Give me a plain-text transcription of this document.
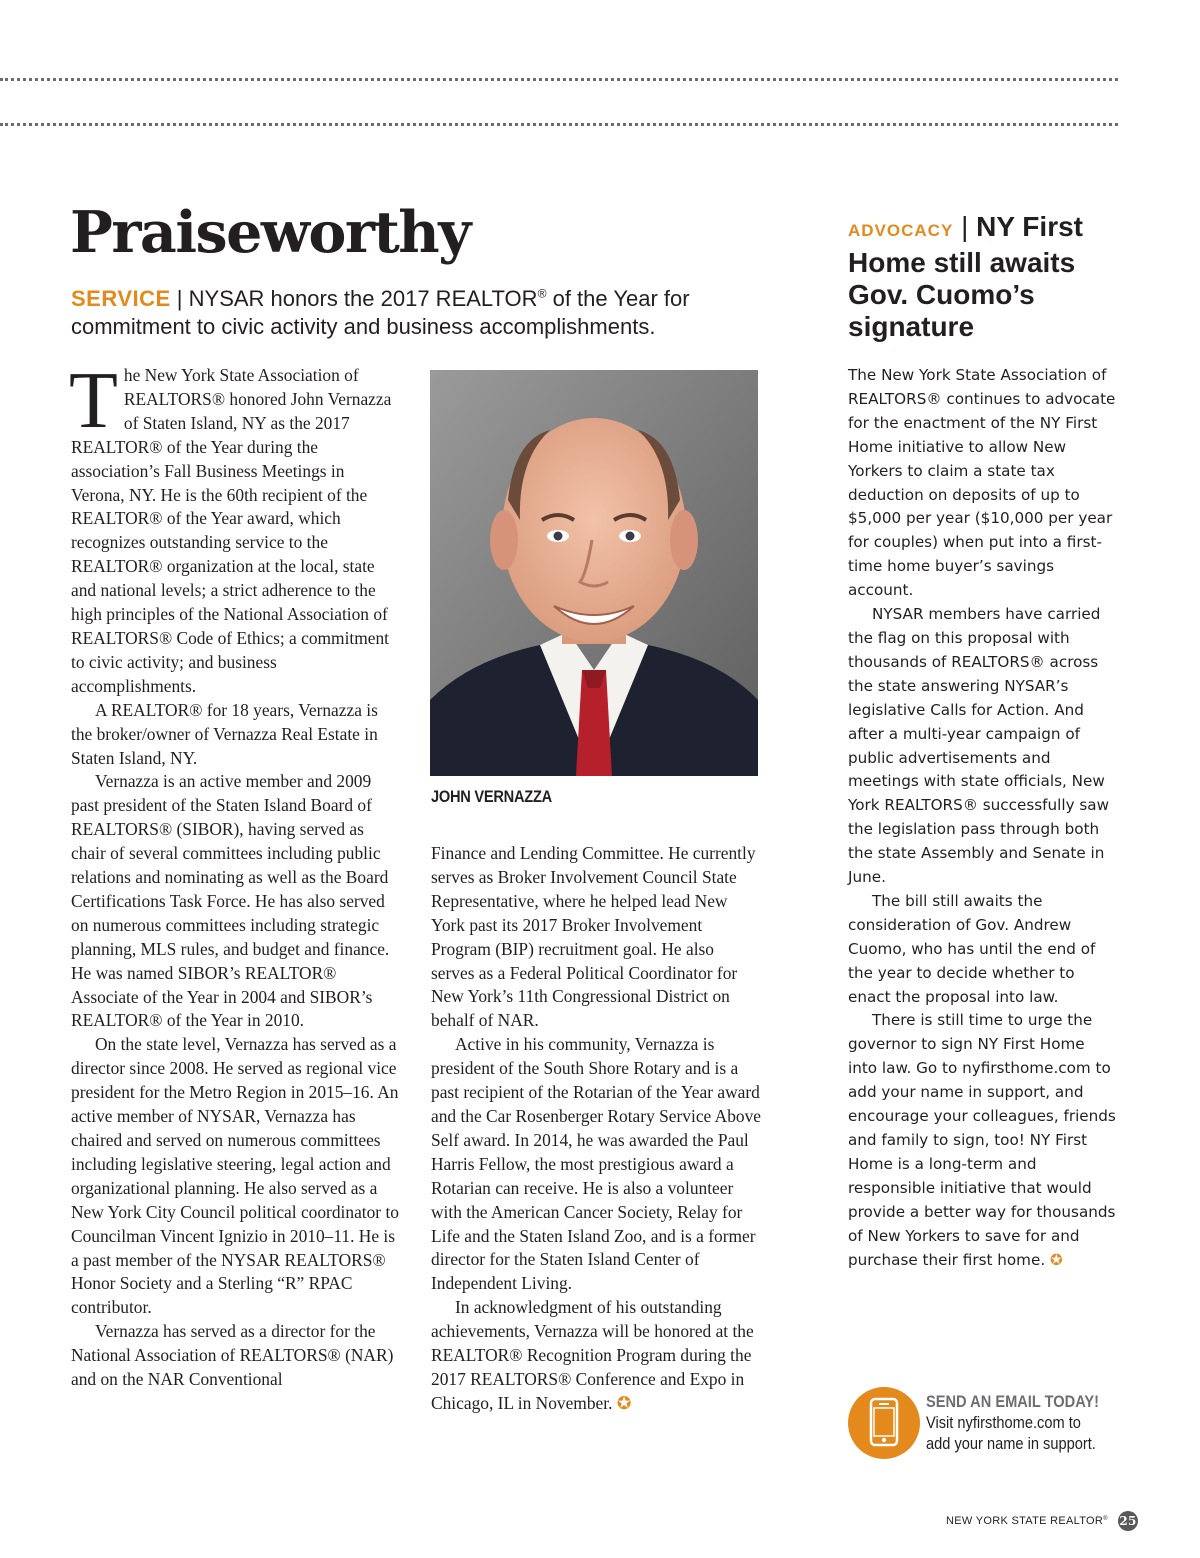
Praiseworthy
SERVICE | NYSAR honors the 2017 REALTOR® of the Year for commitment to civic activity and business accomplishments.

The New York State Association of REALTORS® honored John Vernazza of Staten Island, NY as the 2017 REALTOR® of the Year during the association’s Fall Business Meetings in Verona, NY. He is the 60th recipient of the REALTOR® of the Year award, which recognizes outstanding service to the REALTOR® organization at the local, state and national levels; a strict adherence to the high principles of the National Association of REALTORS® Code of Ethics; a commitment to civic activity; and business accomplishments.

A REALTOR® for 18 years, Vernazza is the broker/owner of Vernazza Real Estate in Staten Island, NY.

Vernazza is an active member and 2009 past president of the Staten Island Board of REALTORS® (SIBOR), having served as chair of several committees including public relations and nominating as well as the Board Certifications Task Force. He has also served on numerous committees including strategic planning, MLS rules, and budget and finance. He was named SIBOR’s REALTOR® Associate of the Year in 2004 and SIBOR’s REALTOR® of the Year in 2010.

On the state level, Vernazza has served as a director since 2008. He served as regional vice president for the Metro Region in 2015–16. An active member of NYSAR, Vernazza has chaired and served on numerous committees including legislative steering, legal action and organizational planning. He also served as a New York City Council political coordinator to Councilman Vincent Ignizio in 2010–11. He is a past member of the NYSAR REALTORS® Honor Society and a Sterling “R” RPAC contributor.

Vernazza has served as a director for the National Association of REALTORS® (NAR) and on the NAR Conventional

JOHN VERNAZZA

Finance and Lending Committee. He currently serves as Broker Involvement Council State Representative, where he helped lead New York past its 2017 Broker Involvement Program (BIP) recruitment goal. He also serves as a Federal Political Coordinator for New York’s 11th Congressional District on behalf of NAR.

Active in his community, Vernazza is president of the South Shore Rotary and is a past recipient of the Rotarian of the Year award and the Car Rosenberger Rotary Service Above Self award. In 2014, he was awarded the Paul Harris Fellow, the most prestigious award a Rotarian can receive. He is also a volunteer with the American Cancer Society, Relay for Life and the Staten Island Zoo, and is a former director for the Staten Island Center of Independent Living.

In acknowledgment of his outstanding achievements, Vernazza will be honored at the REALTOR® Recognition Program during the 2017 REALTORS® Conference and Expo in Chicago, IL in November. ✪

ADVOCACY | NY First Home still awaits Gov. Cuomo’s signature

The New York State Association of REALTORS® continues to advocate for the enactment of the NY First Home initiative to allow New Yorkers to claim a state tax deduction on deposits of up to $5,000 per year ($10,000 per year for couples) when put into a first-time home buyer’s savings account.

NYSAR members have carried the flag on this proposal with thousands of REALTORS® across the state answering NYSAR’s legislative Calls for Action. And after a multi-year campaign of public advertisements and meetings with state officials, New York REALTORS® successfully saw the legislation pass through both the state Assembly and Senate in June.

The bill still awaits the consideration of Gov. Andrew Cuomo, who has until the end of the year to decide whether to enact the proposal into law.

There is still time to urge the governor to sign NY First Home into law. Go to nyfirsthome.com to add your name in support, and encourage your colleagues, friends and family to sign, too! NY First Home is a long-term and responsible initiative that would provide a better way for thousands of New Yorkers to save for and purchase their first home. ✪

SEND AN EMAIL TODAY!
Visit nyfirsthome.com to
add your name in support.
NEW YORK STATE REALTOR® 25
